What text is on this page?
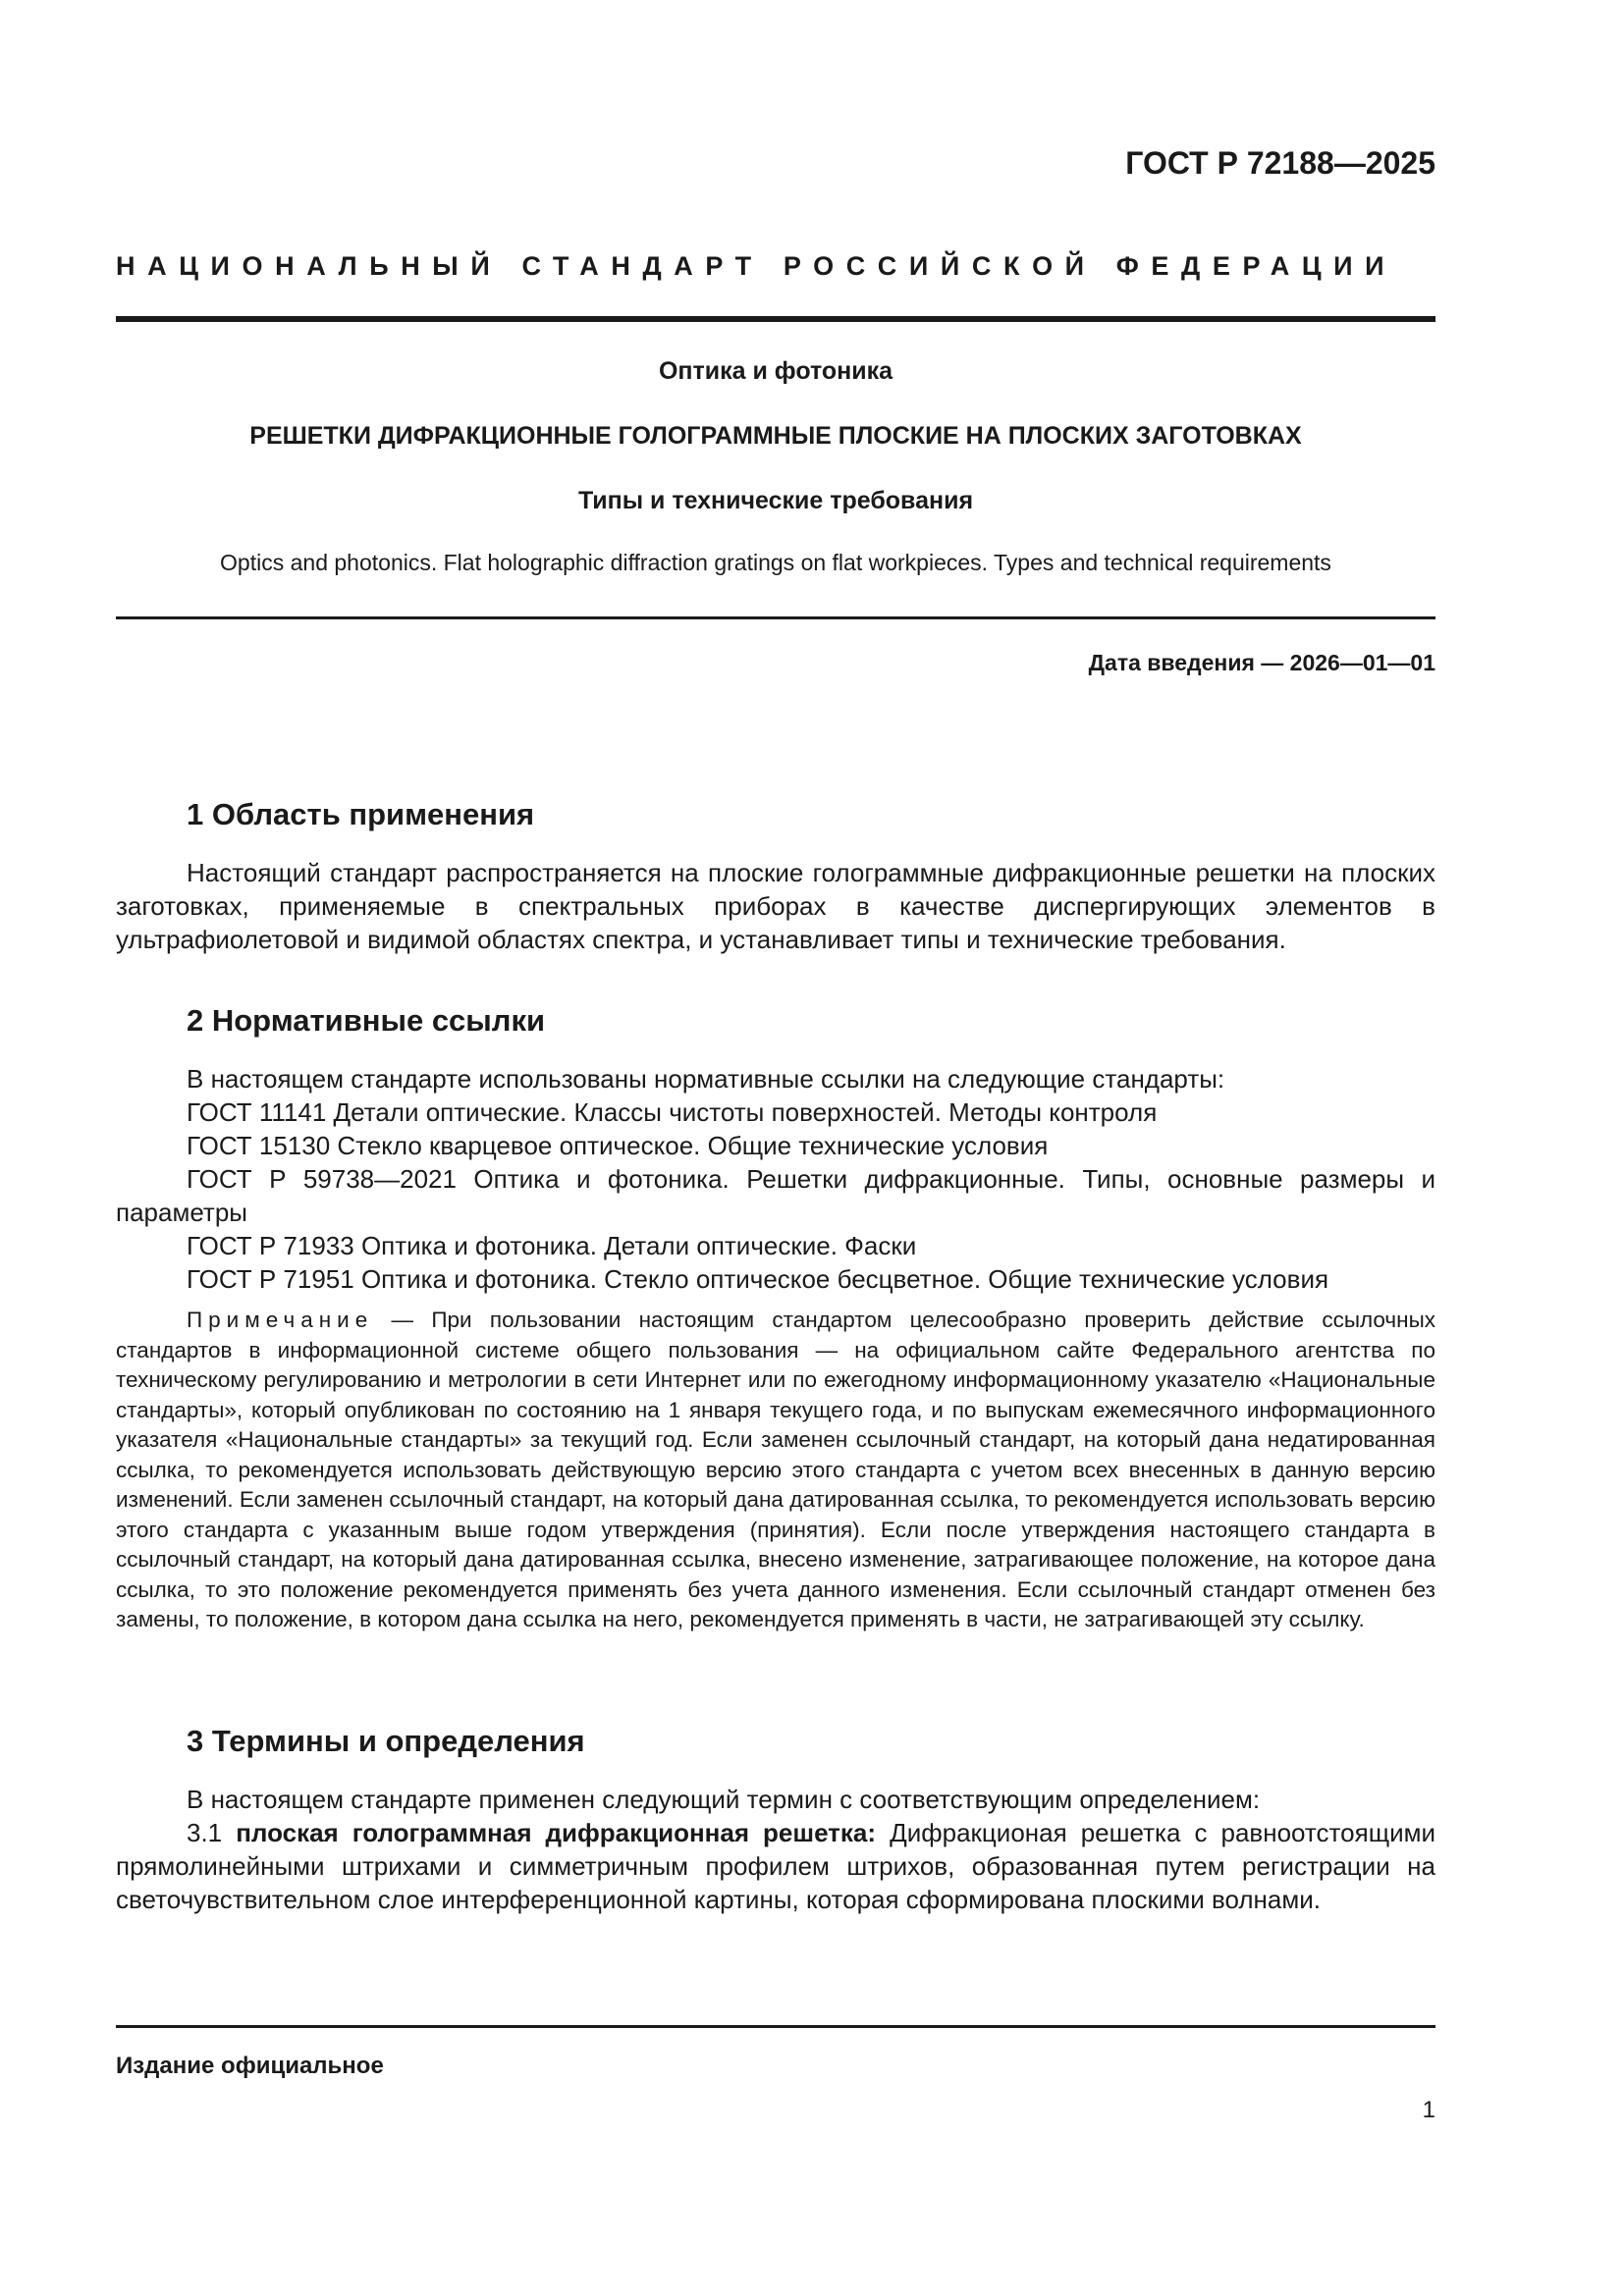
ГОСТ Р 72188—2025
НАЦИОНАЛЬНЫЙ СТАНДАРТ РОССИЙСКОЙ ФЕДЕРАЦИИ
Оптика и фотоника
РЕШЕТКИ ДИФРАКЦИОННЫЕ ГОЛОГРАММНЫЕ ПЛОСКИЕ НА ПЛОСКИХ ЗАГОТОВКАХ
Типы и технические требования
Optics and photonics. Flat holographic diffraction gratings on flat workpieces. Types and technical requirements
Дата введения — 2026—01—01
1 Область применения
Настоящий стандарт распространяется на плоские голограммные дифракционные решетки на плоских заготовках, применяемые в спектральных приборах в качестве диспергирующих элементов в ультрафиолетовой и видимой областях спектра, и устанавливает типы и технические требования.
2 Нормативные ссылки
В настоящем стандарте использованы нормативные ссылки на следующие стандарты:
ГОСТ 11141 Детали оптические. Классы чистоты поверхностей. Методы контроля
ГОСТ 15130 Стекло кварцевое оптическое. Общие технические условия
ГОСТ Р 59738—2021 Оптика и фотоника. Решетки дифракционные. Типы, основные размеры и параметры
ГОСТ Р 71933 Оптика и фотоника. Детали оптические. Фаски
ГОСТ Р 71951 Оптика и фотоника. Стекло оптическое бесцветное. Общие технические условия
Примечание — При пользовании настоящим стандартом целесообразно проверить действие ссылочных стандартов в информационной системе общего пользования — на официальном сайте Федерального агентства по техническому регулированию и метрологии в сети Интернет или по ежегодному информационному указателю «Национальные стандарты», который опубликован по состоянию на 1 января текущего года, и по выпускам ежемесячного информационного указателя «Национальные стандарты» за текущий год. Если заменен ссылочный стандарт, на который дана недатированная ссылка, то рекомендуется использовать действующую версию этого стандарта с учетом всех внесенных в данную версию изменений. Если заменен ссылочный стандарт, на который дана датированная ссылка, то рекомендуется использовать версию этого стандарта с указанным выше годом утверждения (принятия). Если после утверждения настоящего стандарта в ссылочный стандарт, на который дана датированная ссылка, внесено изменение, затрагивающее положение, на которое дана ссылка, то это положение рекомендуется применять без учета данного изменения. Если ссылочный стандарт отменен без замены, то положение, в котором дана ссылка на него, рекомендуется применять в части, не затрагивающей эту ссылку.
3 Термины и определения
В настоящем стандарте применен следующий термин с соответствующим определением:
3.1 плоская голограммная дифракционная решетка: Дифракционая решетка с равноотстоящими прямолинейными штрихами и симметричным профилем штрихов, образованная путем регистрации на светочувствительном слое интерференционной картины, которая сформирована плоскими волнами.
Издание официальное
1
